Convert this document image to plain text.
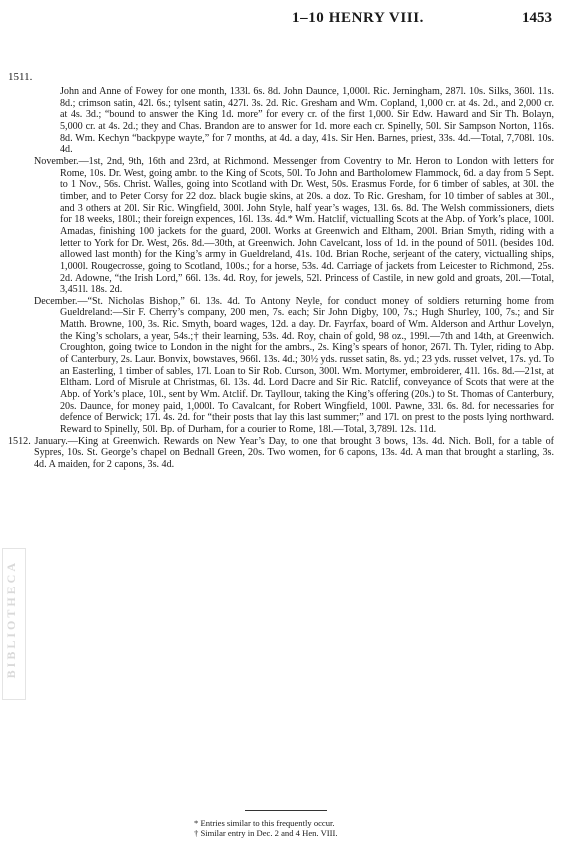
1–10 HENRY VIII.	1453
1511.
BIBLIOTHECA

John and Anne of Fowey for one month, 133l. 6s. 8d. John Daunce, 1,000l. Ric. Jerningham, 287l. 10s. Silks, 360l. 11s. 8d.; crimson satin, 42l. 6s.; tylsent satin, 427l. 3s. 2d. Ric. Gresham and Wm. Copland, 1,000 cr. at 4s. 2d., and 2,000 cr. at 4s. 3d.; “bound to answer the King 1d. more” for every cr. of the first 1,000. Sir Edw. Haward and Sir Th. Bolayn, 5,000 cr. at 4s. 2d.; they and Chas. Brandon are to answer for 1d. more each cr. Spinelly, 50l. Sir Sampson Norton, 116s. 8d. Wm. Kechyn “backpype wayte,” for 7 months, at 4d. a day, 41s. Sir Hen. Barnes, priest, 33s. 4d.—Total, 7,708l. 10s. 4d.

November.—1st, 2nd, 9th, 16th and 23rd, at Richmond. Messenger from Coventry to Mr. Heron to London with letters for Rome, 10s. Dr. West, going ambr. to the King of Scots, 50l. To John and Bartholomew Flammock, 6d. a day from 5 Sept. to 1 Nov., 56s. Christ. Walles, going into Scotland with Dr. West, 50s. Erasmus Forde, for 6 timber of sables, at 30l. the timber, and to Peter Corsy for 22 doz. black bugie skins, at 20s. a doz. To Ric. Gresham, for 10 timber of sables at 30l., and 3 others at 20l. Sir Ric. Wingfield, 300l. John Style, half year’s wages, 13l. 6s. 8d. The Welsh commissioners, diets for 18 weeks, 180l.; their foreign expences, 16l. 13s. 4d.* Wm. Hatclif, victualling Scots at the Abp. of York’s place, 100l. Amadas, finishing 100 jackets for the guard, 200l. Works at Greenwich and Eltham, 200l. Brian Smyth, riding with a letter to York for Dr. West, 26s. 8d.—30th, at Greenwich. John Cavelcant, loss of 1d. in the pound of 501l. (besides 10d. allowed last month) for the King’s army in Gueldreland, 41s. 10d. Brian Roche, serjeant of the catery, victualling ships, 1,000l. Rougecrosse, going to Scotland, 100s.; for a horse, 53s. 4d. Carriage of jackets from Leicester to Richmond, 25s. 2d. Adowne, “the Irish Lord,” 66l. 13s. 4d. Roy, for jewels, 52l. Princess of Castile, in new gold and groats, 20l.—Total, 3,451l. 18s. 2d.

December.—“St. Nicholas Bishop,” 6l. 13s. 4d. To Antony Neyle, for conduct money of soldiers returning home from Gueldreland:—Sir F. Cherry’s company, 200 men, 7s. each; Sir John Digby, 100, 7s.; Hugh Shurley, 100, 7s.; and Sir Matth. Browne, 100, 3s. Ric. Smyth, board wages, 12d. a day. Dr. Fayrfax, board of Wm. Alderson and Arthur Lovelyn, the King’s scholars, a year, 54s.;† their learning, 53s. 4d. Roy, chain of gold, 98 oz., 199l.—7th and 14th, at Greenwich. Croughton, going twice to London in the night for the ambrs., 2s. King’s spears of honor, 267l. Th. Tyler, riding to Abp. of Canterbury, 2s. Laur. Bonvix, bowstaves, 966l. 13s. 4d.; 30½ yds. russet satin, 8s. yd.; 23 yds. russet velvet, 17s. yd. To an Easterling, 1 timber of sables, 17l. Loan to Sir Rob. Curson, 300l. Wm. Mortymer, embroiderer, 41l. 16s. 8d.—21st, at Eltham. Lord of Misrule at Christmas, 6l. 13s. 4d. Lord Dacre and Sir Ric. Ratclif, conveyance of Scots that were at the Abp. of York’s place, 10l., sent by Wm. Atclif. Dr. Tayllour, taking the King’s offering (20s.) to St. Thomas of Canterbury, 20s. Daunce, for money paid, 1,000l. To Cavalcant, for Robert Wingfield, 100l. Pawne, 33l. 6s. 8d. for necessaries for defence of Berwick; 17l. 4s. 2d. for “their posts that lay this last summer;” and 17l. on prest to the posts lying northward. Reward to Spinelly, 50l. Bp. of Durham, for a courier to Rome, 18l.—Total, 3,789l. 12s. 11d.

1512. January.—King at Greenwich. Rewards on New Year’s Day, to one that brought 3 bows, 13s. 4d. Nich. Boll, for a table of Sypres, 10s. St. George’s chapel on Bednall Green, 20s. Two women, for 6 capons, 13s. 4d. A man that brought a starling, 3s. 4d. A maiden, for 2 capons, 3s. 4d.

* Entries similar to this frequently occur.
† Similar entry in Dec. 2 and 4 Hen. VIII.
